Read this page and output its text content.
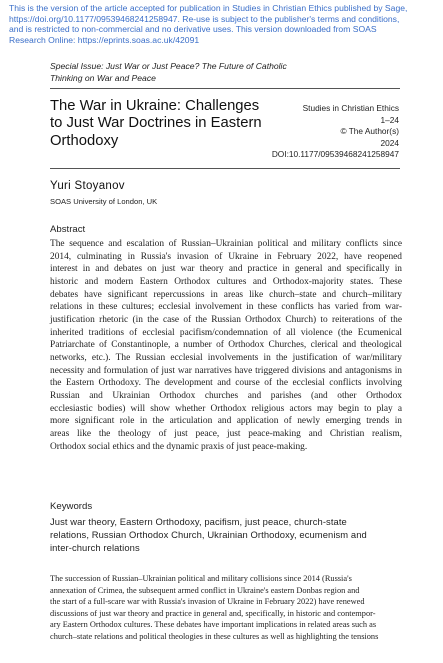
This is the version of the article accepted for publication in Studies in Christian Ethics published by Sage,
https://doi.org/10.1177/09539468241258947. Re-use is subject to the publisher's terms and conditions,
and is restricted to non-commercial and no derivative uses. This version downloaded from SOAS
Research Online: https://eprints.soas.ac.uk/42091
Special Issue: Just War or Just Peace? The Future of Catholic
Thinking on War and Peace
The War in Ukraine: Challenges
to Just War Doctrines in Eastern
Orthodoxy
Studies in Christian Ethics
1–24
© The Author(s)
2024
DOI:10.1177/09539468241258947
Yuri Stoyanov
SOAS University of London, UK
Abstract
The sequence and escalation of Russian–Ukrainian political and military conflicts since
2014, culminating in Russia's invasion of Ukraine in February 2022, have reopened
interest in and debates on just war theory and practice in general and specifically in
historic and modern Eastern Orthodox cultures and Orthodox-majority states. These
debates have significant repercussions in areas like church–state and church–military
relations in these cultures; ecclesial involvement in these conflicts has varied from war-
justification rhetoric (in the case of the Russian Orthodox Church) to reiterations of the
inherited traditions of ecclesial pacifism/condemnation of all violence (the Ecumenical
Patriarchate of Constantinople, a number of Orthodox Churches, clerical and theological
networks, etc.). The Russian ecclesial involvements in the justification of war/military
necessity and formulation of just war narratives have triggered divisions and antagonisms in
the Eastern Orthodoxy. The development and course of the ecclesial conflicts involving
Russian and Ukrainian Orthodox churches and parishes (and other Orthodox
ecclesiastic bodies) will show whether Orthodox religious actors may begin to play a
more significant role in the articulation and application of newly emerging trends in
areas like the theology of just peace, just peace-making and Christian realism,
Orthodox social ethics and the dynamic praxis of just peace-making.
Keywords
Just war theory, Eastern Orthodoxy, pacifism, just peace, church-state
relations, Russian Orthodox Church, Ukrainian Orthodoxy, ecumenism and
inter-church relations
The succession of Russian–Ukrainian political and military collisions since 2014 (Russia's
annexation of Crimea, the subsequent armed conflict in Ukraine's eastern Donbas region and
the start of a full-scare war with Russia's invasion of Ukraine in February 2022) have renewed
discussions of just war theory and practice in general and, specifically, in historic and contempor-
ary Eastern Orthodox cultures. These debates have important implications in related areas such as
church–state relations and political theologies in these cultures as well as highlighting the tensions
